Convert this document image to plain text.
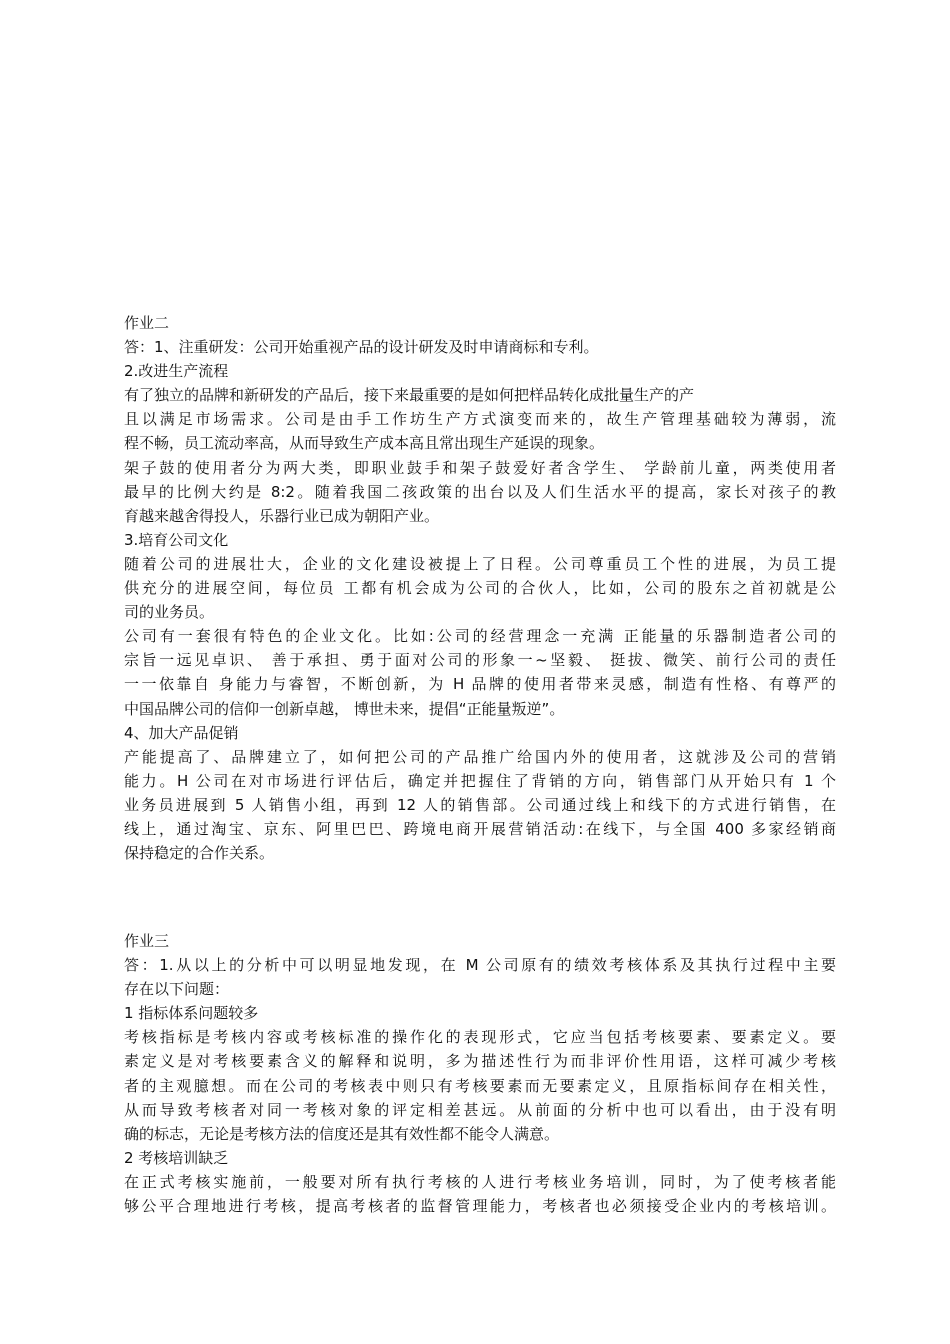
作业二

答：1、注重研发：公司开始重视产品的设计研发及时申请商标和专利。

2.改进生产流程

有了独立的品牌和新研发的产品后，接下来最重要的是如何把样品转化成批量生产的产

且以满足市场需求。公司是由手工作坊生产方式演变而来的，故生产管理基础较为薄弱，流

程不畅，员工流动率高，从而导致生产成本高且常出现生产延误的现象。

架子鼓的使用者分为两大类，即职业鼓手和架子鼓爱好者含学生、 学龄前儿童，两类使用者

最早的比例大约是 8:2。随着我国二孩政策的出台以及人们生活水平的提高，家长对孩子的教

育越来越舍得投人，乐器行业已成为朝阳产业。

3.培育公司文化

随着公司的进展壮大，企业的文化建设被提上了日程。公司尊重员工个性的进展，为员工提

供充分的进展空间，每位员 工都有机会成为公司的合伙人，比如，公司的股东之首初就是公

司的业务员。

公司有一套很有特色的企业文化。比如:公司的经营理念一充满 正能量的乐器制造者公司的

宗旨一远见卓识、 善于承担、勇于面对公司的形象一~坚毅、 挺拔、微笑、前行公司的责任

一一依靠自 身能力与睿智，不断创新，为 H 品牌的使用者带来灵感，制造有性格、有尊严的

中国品牌公司的信仰一创新卓越， 博世未来，提倡“正能量叛逆”。

4、加大产品促销

产能提高了、品牌建立了，如何把公司的产品推广给国内外的使用者，这就涉及公司的营销

能力。H 公司在对市场进行评估后，确定并把握住了背销的方向，销售部门从开始只有 1 个

业务员进展到 5 人销售小组，再到 12 人的销售部。公司通过线上和线下的方式进行销售，在

线上，通过淘宝、京东、阿里巴巴、跨境电商开展营销活动:在线下，与全国 400 多家经销商

保持稳定的合作关系。

作业三

答：1.从以上的分析中可以明显地发现，在 M 公司原有的绩效考核体系及其执行过程中主要

存在以下问题：

1 指标体系问题较多

考核指标是考核内容或考核标准的操作化的表现形式，它应当包括考核要素、要素定义。要

素定义是对考核要素含义的解释和说明，多为描述性行为而非评价性用语，这样可减少考核

者的主观臆想。而在公司的考核表中则只有考核要素而无要素定义，且原指标间存在相关性，

从而导致考核者对同一考核对象的评定相差甚远。从前面的分析中也可以看出，由于没有明

确的标志，无论是考核方法的信度还是其有效性都不能令人满意。

2 考核培训缺乏

在正式考核实施前，一般要对所有执行考核的人进行考核业务培训，同时，为了使考核者能

够公平合理地进行考核，提高考核者的监督管理能力，考核者也必须接受企业内的考核培训。
